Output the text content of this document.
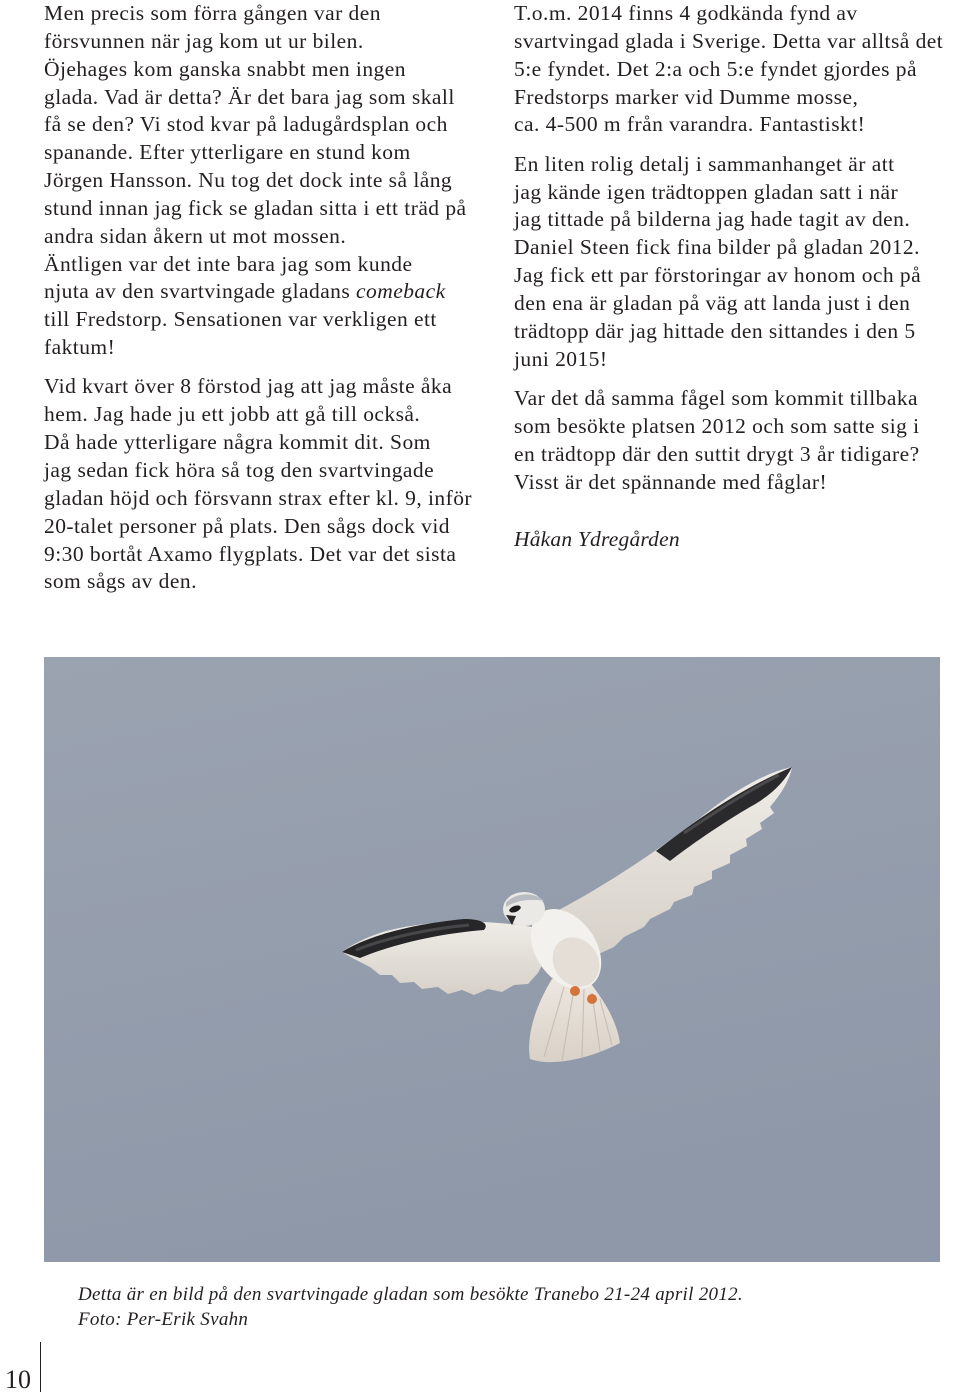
Men precis som förra gången var den
försvunnen när jag kom ut ur bilen.
Öjehages kom ganska snabbt men ingen
glada. Vad är detta? Är det bara jag som skall
få se den? Vi stod kvar på ladugårdsplan och
spanande. Efter ytterligare en stund kom
Jörgen Hansson. Nu tog det dock inte så lång
stund innan jag fick se gladan sitta i ett träd på
andra sidan åkern ut mot mossen.
Äntligen var det inte bara jag som kunde
njuta av den svartvingade gladans comeback
till Fredstorp. Sensationen var verkligen ett
faktum!

Vid kvart över 8 förstod jag att jag måste åka
hem. Jag hade ju ett jobb att gå till också.
Då hade ytterligare några kommit dit. Som
jag sedan fick höra så tog den svartvingade
gladan höjd och försvann strax efter kl. 9, inför
20-talet personer på plats. Den sågs dock vid
9:30 bortåt Axamo flygplats. Det var det sista
som sågs av den.

T.o.m. 2014 finns 4 godkända fynd av
svartvingad glada i Sverige. Detta var alltså det
5:e fyndet. Det 2:a och 5:e fyndet gjordes på
Fredstorps marker vid Dumme mosse,
ca. 4-500 m från varandra. Fantastiskt!

En liten rolig detalj i sammanhanget är att
jag kände igen trädtoppen gladan satt i när
jag tittade på bilderna jag hade tagit av den.
Daniel Steen fick fina bilder på gladan 2012.
Jag fick ett par förstoringar av honom och på
den ena är gladan på väg att landa just i den
trädtopp där jag hittade den sittandes i den 5
juni 2015!

Var det då samma fågel som kommit tillbaka
som besökte platsen 2012 och som satte sig i
en trädtopp där den suttit drygt 3 år tidigare?
Visst är det spännande med fåglar!

Håkan Ydregården
Detta är en bild på den svartvingade gladan som besökte Tranebo 21-24 april 2012.
Foto: Per-Erik Svahn
10
